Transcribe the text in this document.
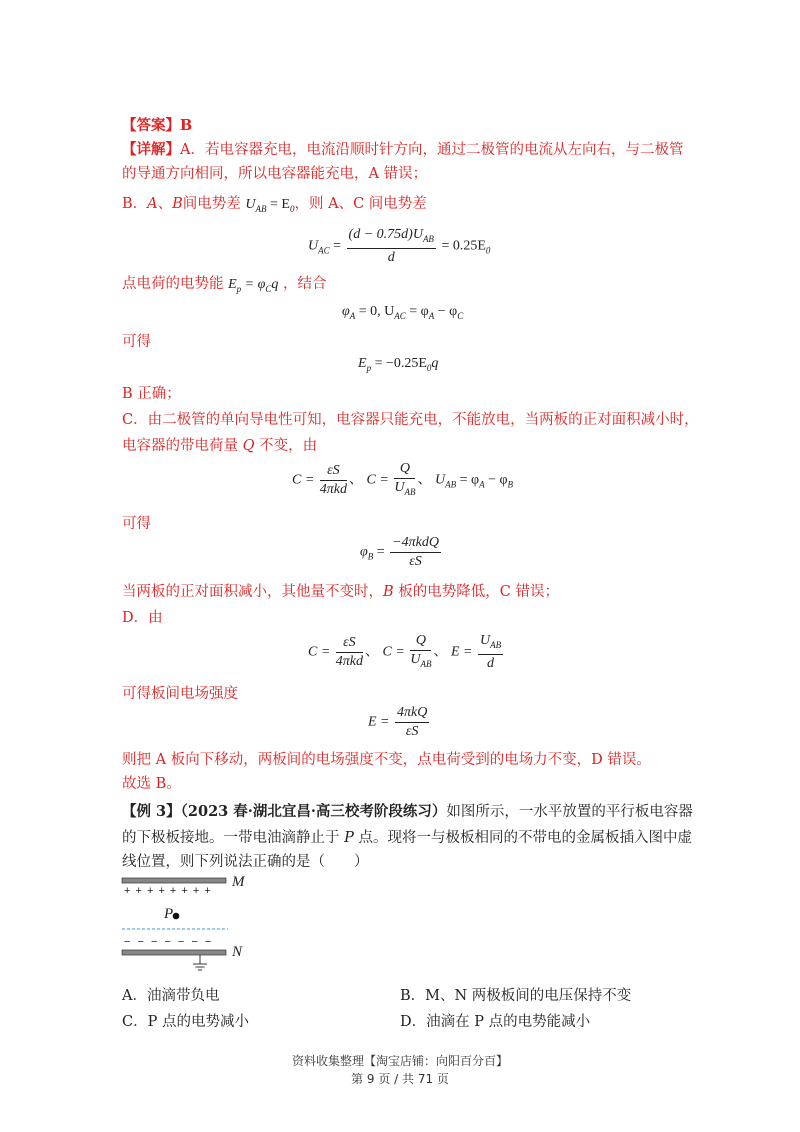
【答案】B
【详解】A．若电容器充电，电流沿顺时针方向，通过二极管的电流从左向右，与二极管
的导通方向相同，所以电容器能充电，A 错误；
B．A、B间电势差 $U_{AB} = E_0$，则 A、C 间电势差
$U_{AC} = \frac{(d - 0.75d)U_{AB}}{d} = 0.25E_0$
点电荷的电势能 $E_p = \varphi_Cq$ ，结合
$\varphi_A = 0$, $U_{AC} = \varphi_A - \varphi_C$
可得
$E_p = -0.25E_0q$
B 正确；
C．由二极管的单向导电性可知，电容器只能充电，不能放电，当两板的正对面积减小时，
电容器的带电荷量 Q 不变，由
$C = \frac{\varepsilon S}{\text{4πkd}}$ 、 $C = \frac{Q}{U_{AB}}$ 、 $U_{AB} = \varphi_A - \varphi_B$
可得
$\varphi_B = \frac{\text{−4πkdQ}}{\varepsilon S}$
当两板的正对面积减小，其他量不变时，B 板的电势降低，C 错误；
D．由
$C = \frac{\varepsilon S}{\text{4πkd}}$ 、 $C = \frac{Q}{U_{AB}}$ 、 $E = \frac{U_{AB}}{d}$
可得板间电场强度
$E = \frac{\text{4πkQ}}{\varepsilon S}$
则把 A 板向下移动，两板间的电场强度不变，点电荷受到的电场力不变，D 错误。
故选 B。
【例 3】（2023 春·湖北宜昌·高三校考阶段练习）如图所示，一水平放置的平行板电容器
的下极板接地。一带电油滴静止于 P 点。现将一与极板相同的不带电的金属板插入图中虚
线位置，则下列说法正确的是（　　）
M
+ + + + + + + +
P
− − − − − − −
N
A．油滴带负电	B．M、N 两极板间的电压保持不变
C．P 点的电势减小	D．油滴在 P 点的电势能减小
资料收集整理【淘宝店铺：向阳百分百】
第 9 页 / 共 71 页
